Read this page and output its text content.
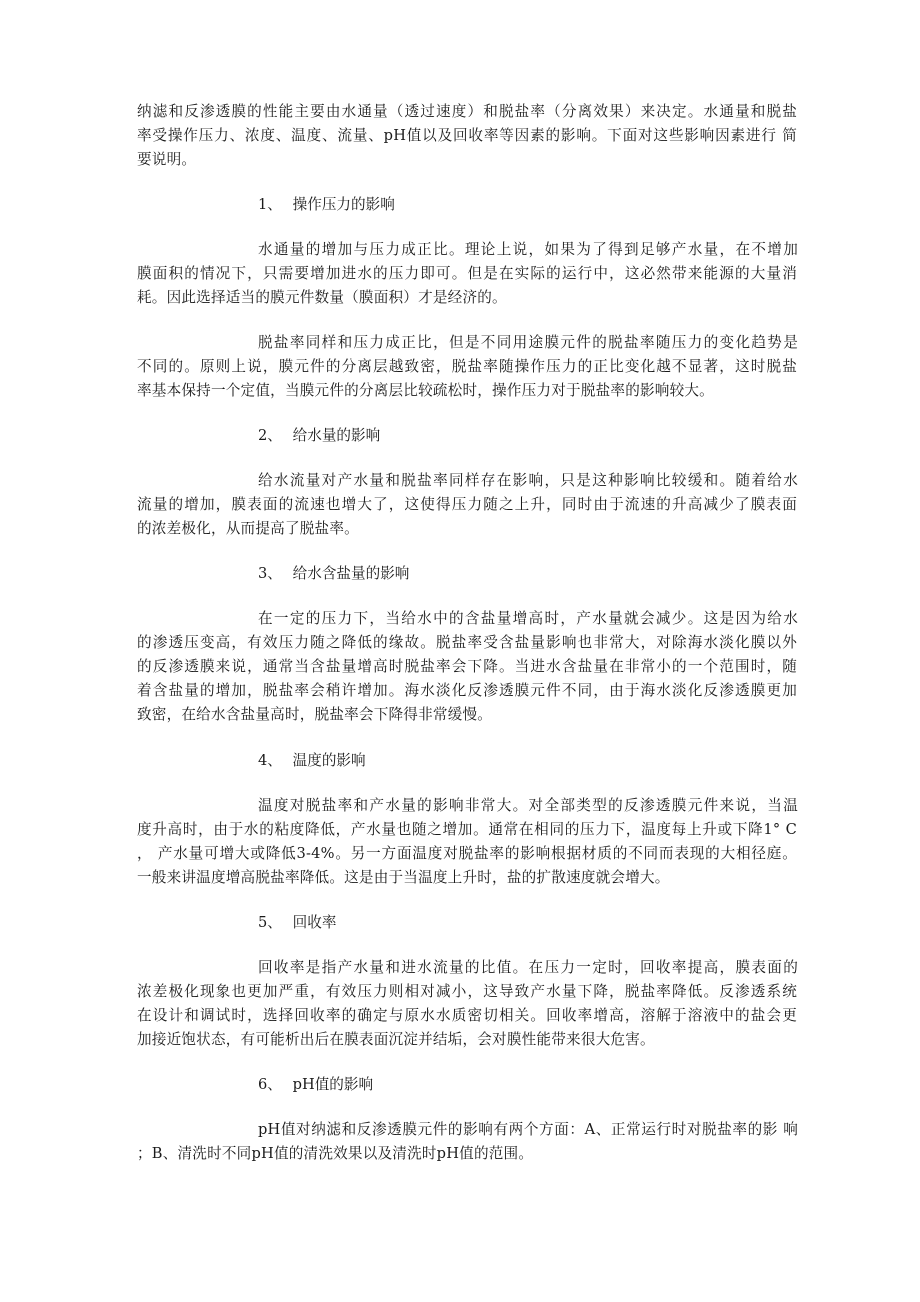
纳滤和反渗透膜的性能主要由水通量（透过速度）和脱盐率（分离效果）来决定。水通量和脱盐
率受操作压力、浓度、温度、流量、pH值以及回收率等因素的影响。下面对这些影响因素进行 简
要说明。
1、 操作压力的影响
水通量的增加与压力成正比。理论上说，如果为了得到足够产水量，在不增加
膜面积的情况下，只需要增加进水的压力即可。但是在实际的运行中，这必然带来能源的大量消
耗。因此选择适当的膜元件数量（膜面积）才是经济的。
脱盐率同样和压力成正比，但是不同用途膜元件的脱盐率随压力的变化趋势是
不同的。原则上说，膜元件的分离层越致密，脱盐率随操作压力的正比变化越不显著，这时脱盐
率基本保持一个定值，当膜元件的分离层比较疏松时，操作压力对于脱盐率的影响较大。
2、 给水量的影响
给水流量对产水量和脱盐率同样存在影响，只是这种影响比较缓和。随着给水
流量的增加，膜表面的流速也增大了，这使得压力随之上升，同时由于流速的升高减少了膜表面
的浓差极化，从而提高了脱盐率。
3、 给水含盐量的影响
在一定的压力下，当给水中的含盐量增高时，产水量就会减少。这是因为给水
的渗透压变高，有效压力随之降低的缘故。脱盐率受含盐量影响也非常大，对除海水淡化膜以外
的反渗透膜来说，通常当含盐量增高时脱盐率会下降。当进水含盐量在非常小的一个范围时，随
着含盐量的增加，脱盐率会稍许增加。海水淡化反渗透膜元件不同，由于海水淡化反渗透膜更加
致密，在给水含盐量高时，脱盐率会下降得非常缓慢。
4、 温度的影响
温度对脱盐率和产水量的影响非常大。对全部类型的反渗透膜元件来说，当温
度升高时，由于水的粘度降低，产水量也随之增加。通常在相同的压力下，温度每上升或下降1° C
， 产水量可增大或降低3-4%。另一方面温度对脱盐率的影响根据材质的不同而表现的大相径庭。
一般来讲温度增高脱盐率降低。这是由于当温度上升时，盐的扩散速度就会增大。
5、 回收率
回收率是指产水量和进水流量的比值。在压力一定时，回收率提高，膜表面的
浓差极化现象也更加严重，有效压力则相对减小，这导致产水量下降，脱盐率降低。反渗透系统
在设计和调试时，选择回收率的确定与原水水质密切相关。回收率增高，溶解于溶液中的盐会更
加接近饱状态，有可能析出后在膜表面沉淀并结垢，会对膜性能带来很大危害。
6、 pH值的影响
pH值对纳滤和反渗透膜元件的影响有两个方面：A、正常运行时对脱盐率的影 响
；B、清洗时不同pH值的清洗效果以及清洗时pH值的范围。
